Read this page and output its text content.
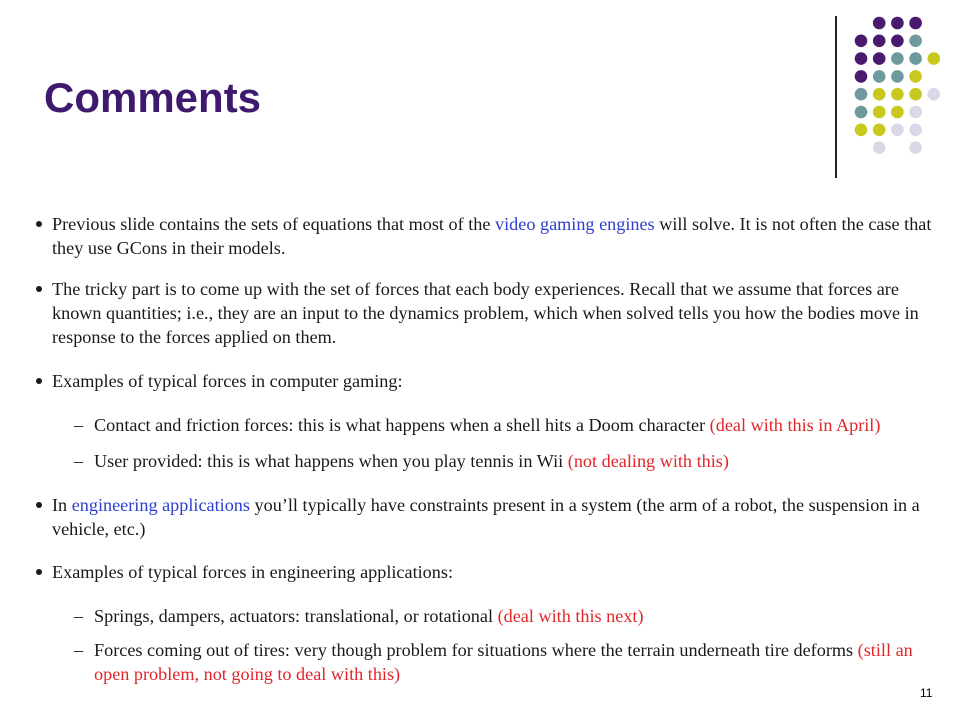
Comments

Previous slide contains the sets of equations that most of the video gaming engines will solve. It is not often the case that they use GCons in their models.

The tricky part is to come up with the set of forces that each body experiences. Recall that we assume that forces are known quantities; i.e., they are an input to the dynamics problem, which when solved tells you how the bodies move in response to the forces applied on them.

Examples of typical forces in computer gaming:

– Contact and friction forces: this is what happens when a shell hits a Doom character (deal with this in April)

– User provided: this is what happens when you play tennis in Wii (not dealing with this)

In engineering applications you’ll typically have constraints present in a system (the arm of a robot, the suspension in a vehicle, etc.)

Examples of typical forces in engineering applications:

– Springs, dampers, actuators: translational, or rotational (deal with this next)

– Forces coming out of tires: very though problem for situations where the terrain underneath tire deforms (still an open problem, not going to deal with this)

11
